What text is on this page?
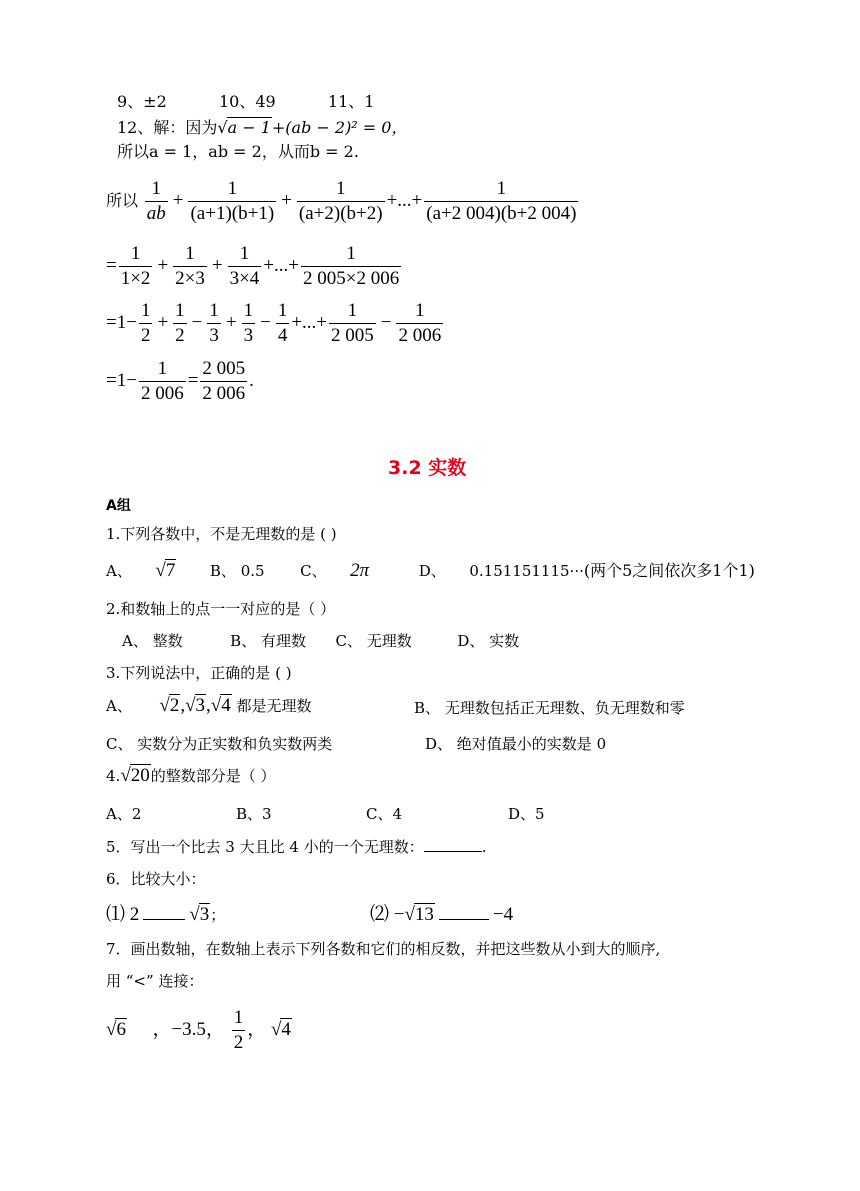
9、±2	10、49	11、1
12、解：因为√a − 1+(ab − 2)² = 0，
所以a = 1，ab = 2，从而b = 2.
所以 $\frac{1}{ab} + \frac{1}{(a+1)(b+1)} + \frac{1}{(a+2)(b+2)}$ +...+ $\frac{1}{(a+2 004)(b+2 004)}$
= $\frac{1}{1\times 2} + \frac{1}{2\times 3} + \frac{1}{3\times 4}$ +...+ $\frac{1}{2 005\times 2 006}$
$=1- \frac{1}{2} + \frac{1}{2} - \frac{1}{3} + \frac{1}{3} - \frac{1}{4}$ +...+ $\frac{1}{2 005} - \frac{1}{2 006}$
$=1- \frac{1}{2 006} = \frac{2 005}{2 006}$ .
3.2 实数
A组
1.下列各数中，不是无理数的是 ( )
A、 √7 B、 0.5 C、 2π	D、 0.151151115···(两个5之间依次多1个1)
2.和数轴上的点一一对应的是（ ）
A、 整数	B、 有理数 C、 无理数	D、 实数
3.下列说法中，正确的是 ( )
A、 √2,√3,√4 都是无理数	B、 无理数包括正无理数、负无理数和零
C、 实数分为正实数和负实数两类	D、 绝对值最小的实数是 0
4.√20的整数部分是（ ）
A、2	B、3	C、4	D、5
5．写出一个比去 3 大且比 4 小的一个无理数：	.
6．比较大小：
⑴ 2	√3；	⑵ −√13	−4
7．画出数轴，在数轴上表示下列各数和它们的相反数，并把这些数从小到大的顺序,
用 “<” 连接：
√6 ，−3.5， $\frac{1}{2}$ ， √4
